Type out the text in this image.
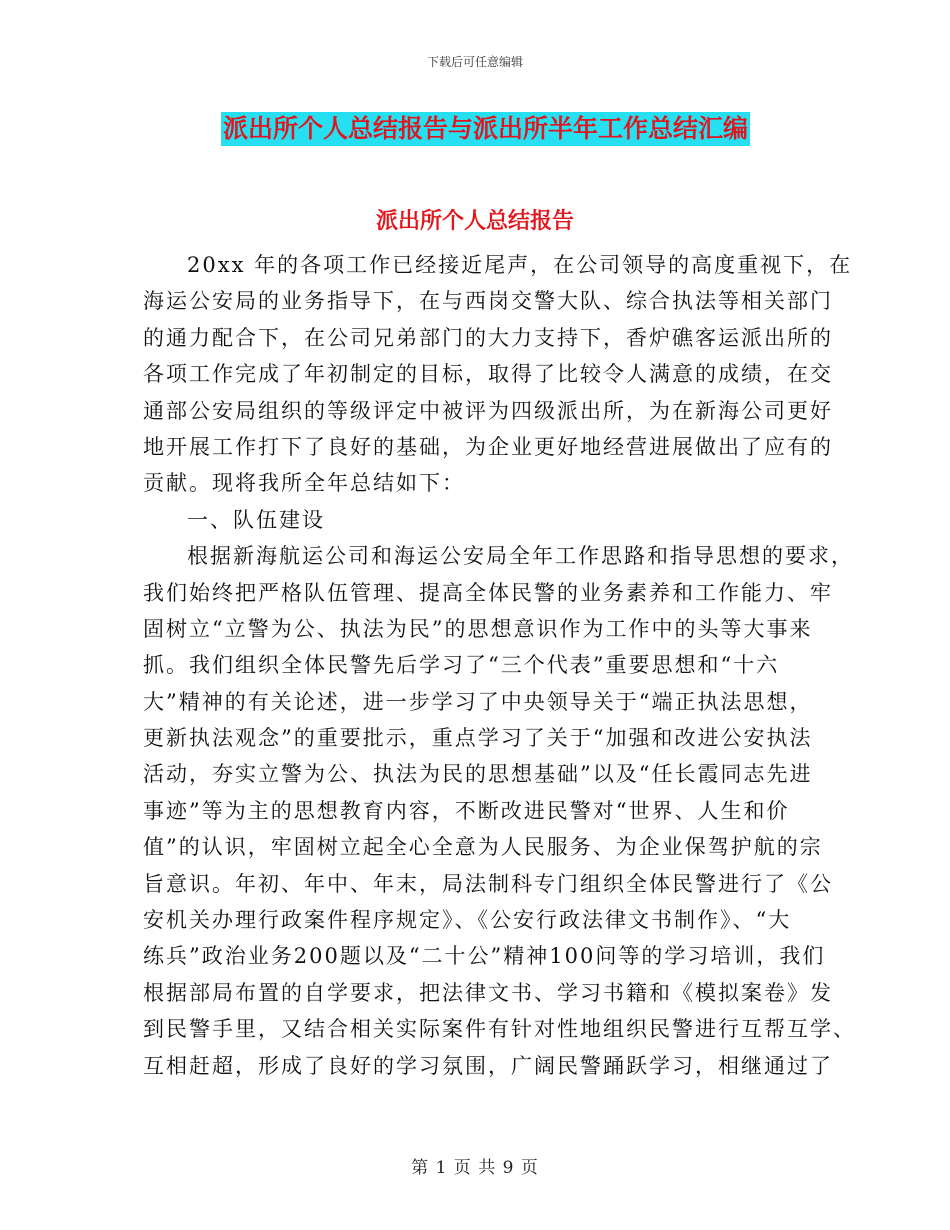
下载后可任意编辑
派出所个人总结报告与派出所半年工作总结汇编
派出所个人总结报告
20xx 年的各项工作已经接近尾声，在公司领导的高度重视下，在
海运公安局的业务指导下，在与西岗交警大队、综合执法等相关部门
的通力配合下，在公司兄弟部门的大力支持下，香炉礁客运派出所的
各项工作完成了年初制定的目标，取得了比较令人满意的成绩，在交
通部公安局组织的等级评定中被评为四级派出所，为在新海公司更好
地开展工作打下了良好的基础，为企业更好地经营进展做出了应有的
贡献。现将我所全年总结如下：
一、队伍建设
根据新海航运公司和海运公安局全年工作思路和指导思想的要求，
我们始终把严格队伍管理、提高全体民警的业务素养和工作能力、牢
固树立“立警为公、执法为民”的思想意识作为工作中的头等大事来
抓。我们组织全体民警先后学习了“三个代表”重要思想和“十六
大”精神的有关论述，进一步学习了中央领导关于“端正执法思想，
更新执法观念”的重要批示，重点学习了关于“加强和改进公安执法
活动，夯实立警为公、执法为民的思想基础”以及“任长霞同志先进
事迹”等为主的思想教育内容，不断改进民警对“世界、人生和价
值”的认识，牢固树立起全心全意为人民服务、为企业保驾护航的宗
旨意识。年初、年中、年末，局法制科专门组织全体民警进行了《公
安机关办理行政案件程序规定》、《公安行政法律文书制作》、“大
练兵”政治业务200题以及“二十公”精神100问等的学习培训，我们
根据部局布置的自学要求，把法律文书、学习书籍和《模拟案卷》发
到民警手里，又结合相关实际案件有针对性地组织民警进行互帮互学、
互相赶超，形成了良好的学习氛围，广阔民警踊跃学习，相继通过了
第 1 页 共 9 页
